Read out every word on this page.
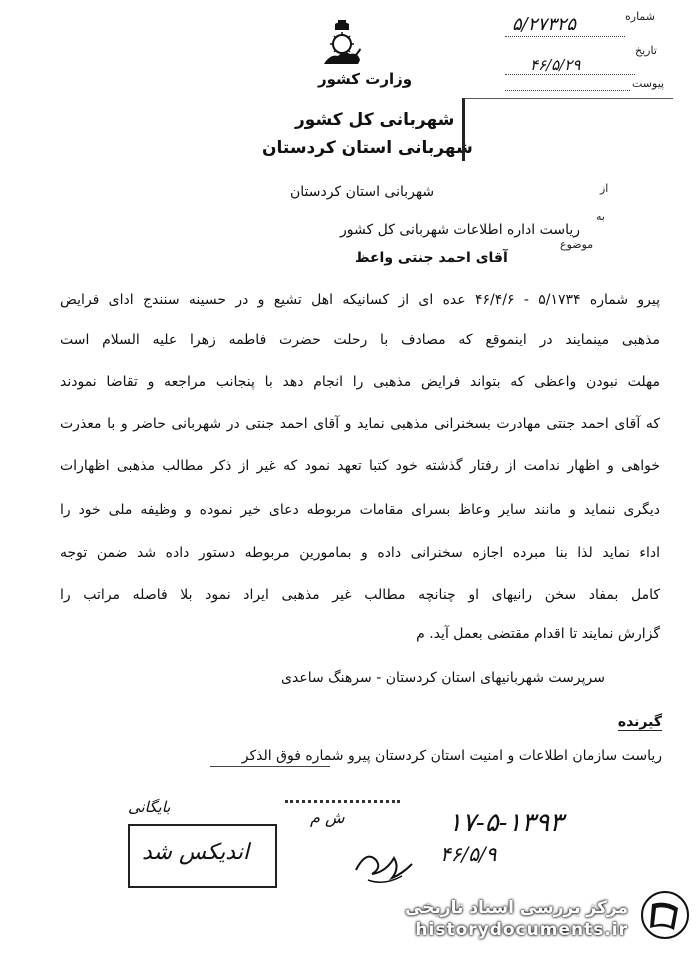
شماره
۵/۲۷۳۲۵
تاریخ
۴۶/۵/۲۹
پیوست
وزارت کشور
شهربانی کل کشور
شهربانی استان کردستان
از
شهربانی استان کردستان
به
ریاست اداره اطلاعات شهربانی کل کشور
موضوع
آقای احمد جنتی واعظ
پیرو شماره ۵/۱۷۳۴ - ۴۶/۴/۶ عده ای از کسانیکه اهل تشیع و در حسینه سنندج ادای فرایض
مذهبی مینمایند در اینموقع که مصادف با رحلت حضرت فاطمه زهرا علیه السلام است
مهلت نبودن واعظی که بتواند فرایض مذهبی را انجام دهد با پنجانب مراجعه و تقاضا نمودند
که آقای احمد جنتی مهادرت بسخنرانی مذهبی نماید و آقای احمد جنتی در شهربانی حاضر و با معذرت
خواهی و اظهار ندامت از رفتار گذشته خود کتبا تعهد نمود که غیر از ذکر مطالب مذهبی اظهارات
دیگری ننماید و مانند سایر وعاظ بسرای مقامات مربوطه دعای خیر نموده و وظیفه ملی خود را
اداء نماید لذا بنا مبرده اجازه سخنرانی داده و بمامورین مربوطه دستور داده شد ضمن توجه
کامل بمفاد سخن رانیهای او چنانچه مطالب غیر مذهبی ایراد نمود بلا فاصله مراتب را
گزارش نمایند تا اقدام مقتضی بعمل آید. م
سرپرست شهربانیهای استان کردستان - سرهنگ ساعدی
گیرنده
ریاست سازمان اطلاعات و امنیت استان کردستان پیرو شماره فوق الذکر
بایگانی
ش م	۱۷-۵-۱۳۹۳
۴۶/۵/۹
اندیکس شد
مرکز بررسی اسناد تاریخی
historydocuments.ir
